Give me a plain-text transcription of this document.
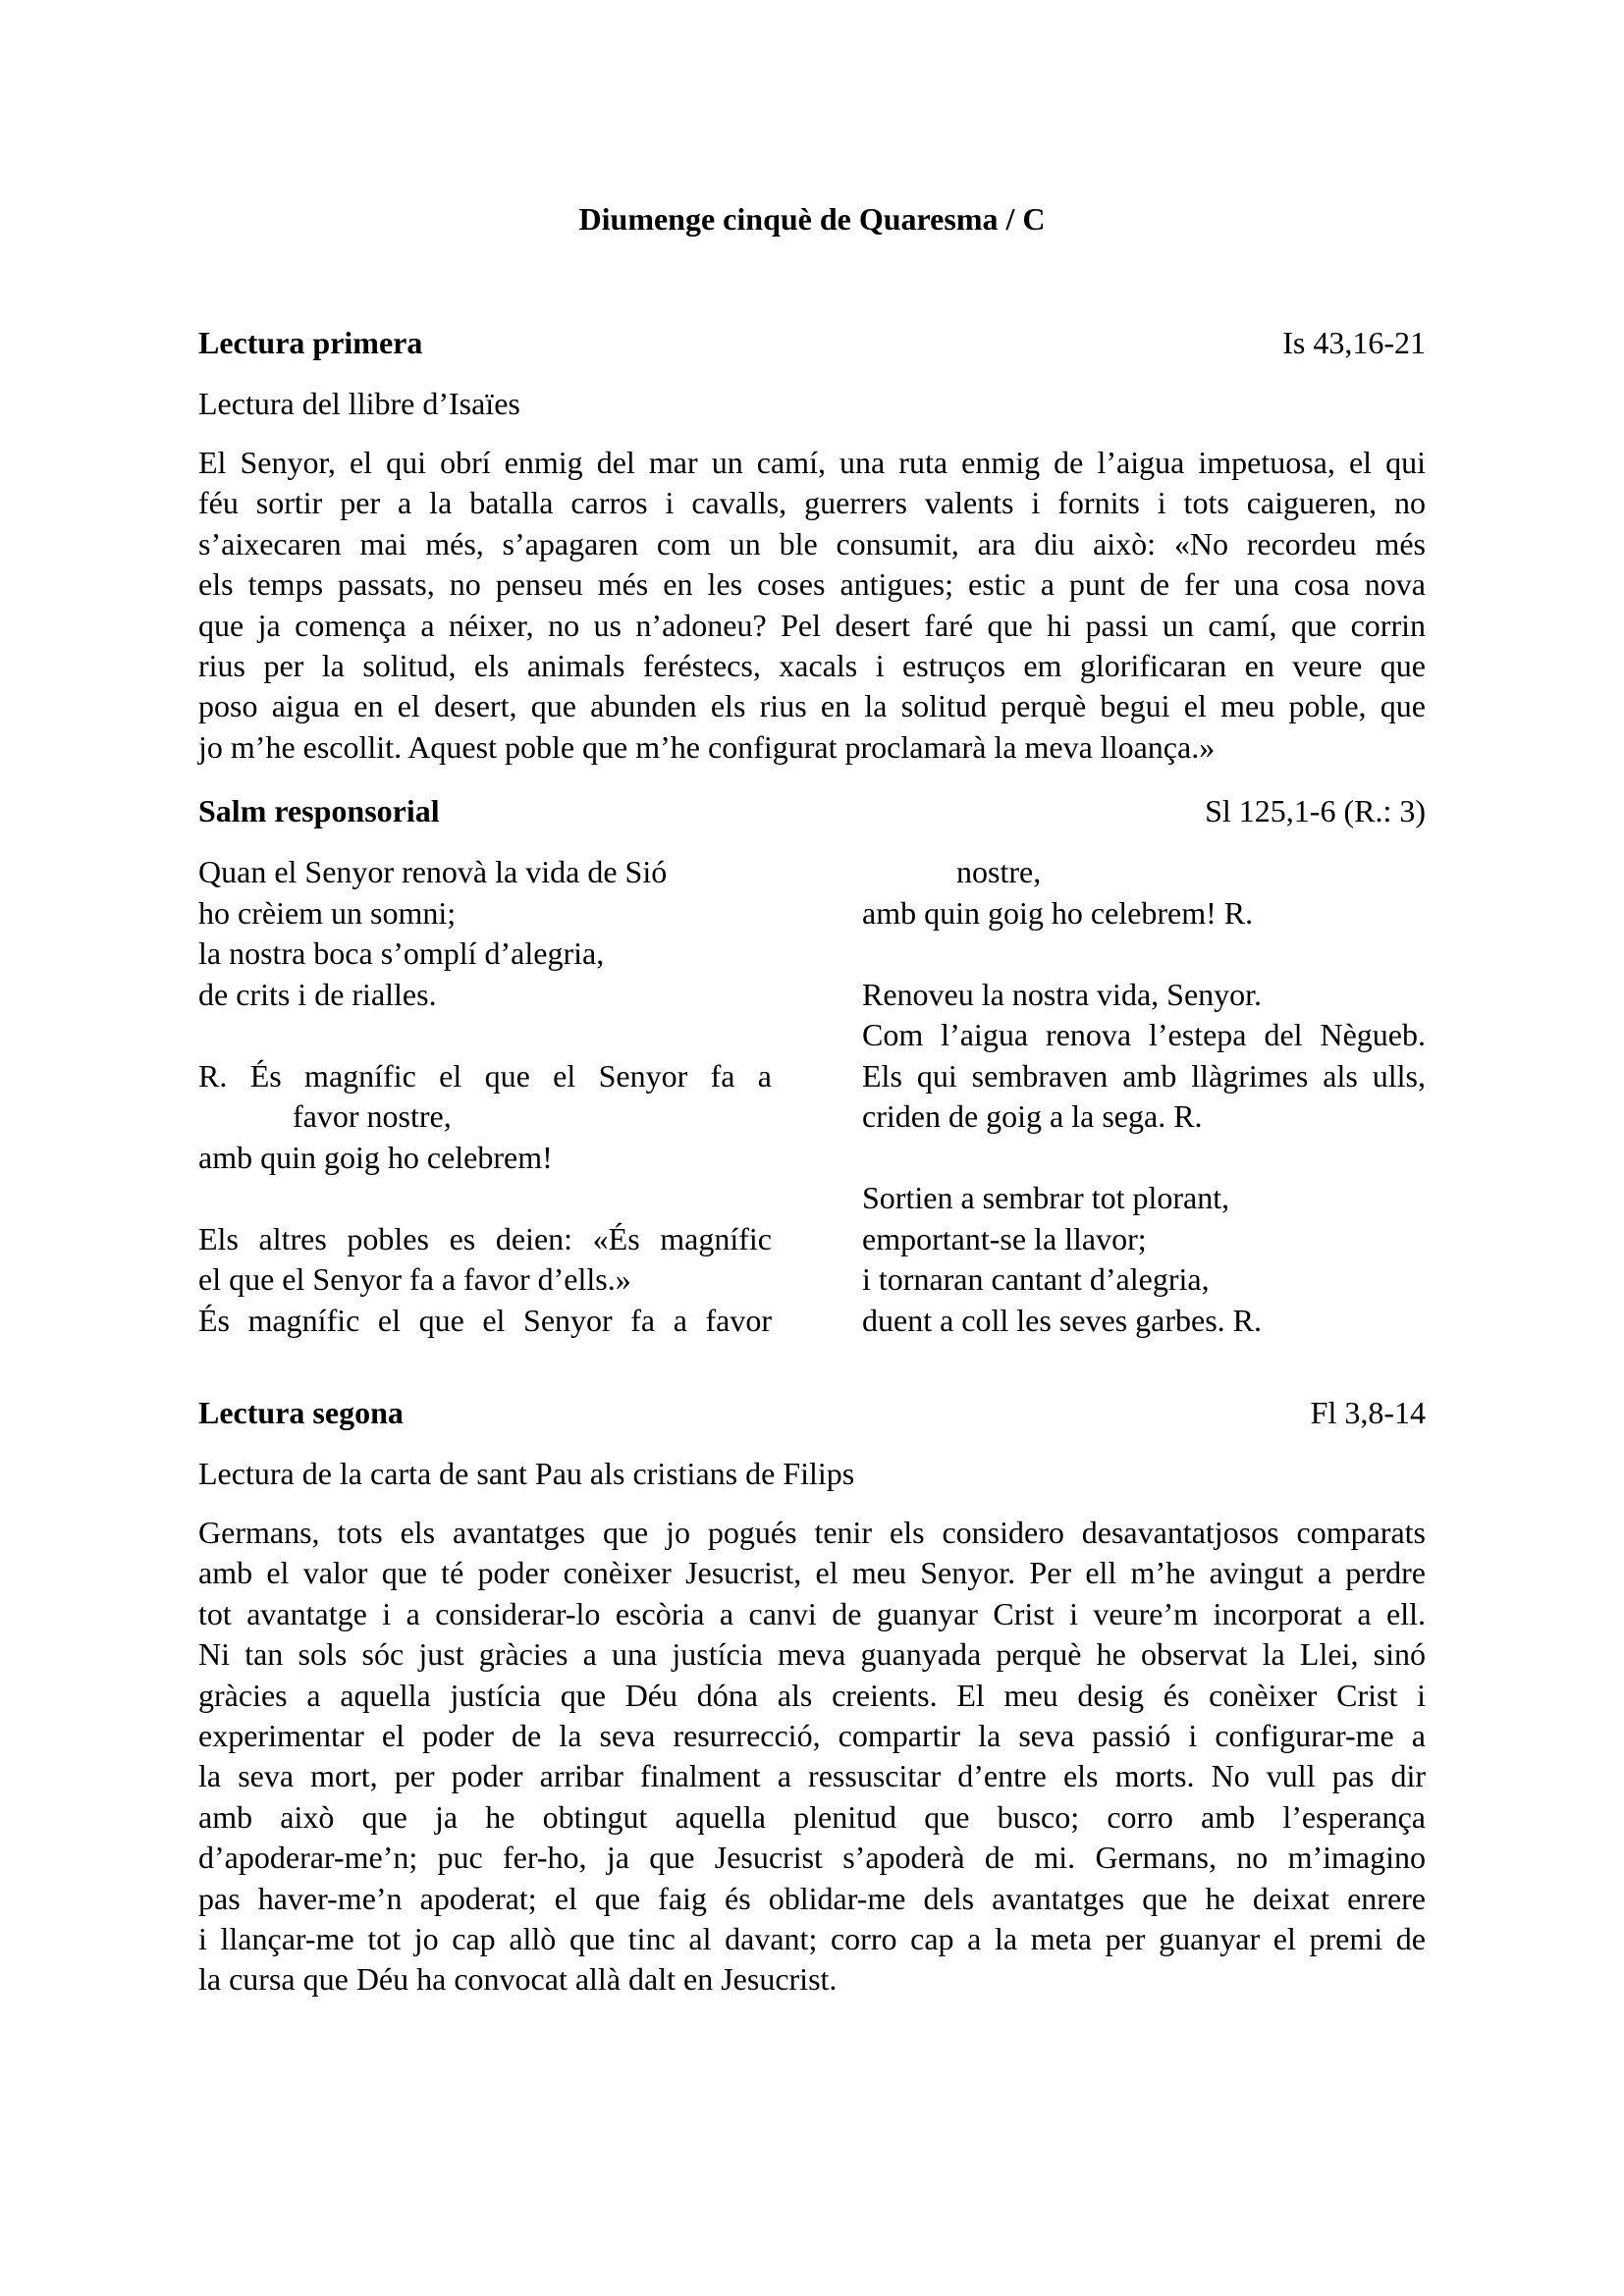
Diumenge cinquè de Quaresma / C
Lectura primera	Is 43,16-21
Lectura del llibre d’Isaïes
El Senyor, el qui obrí enmig del mar un camí, una ruta enmig de l’aigua impetuosa, el qui
féu sortir per a la batalla carros i cavalls, guerrers valents i fornits i tots caigueren, no
s’aixecaren mai més, s’apagaren com un ble consumit, ara diu això: «No recordeu més
els temps passats, no penseu més en les coses antigues; estic a punt de fer una cosa nova
que ja comença a néixer, no us n’adoneu? Pel desert faré que hi passi un camí, que corrin
rius per la solitud, els animals feréstecs, xacals i estruços em glorificaran en veure que
poso aigua en el desert, que abunden els rius en la solitud perquè begui el meu poble, que
jo m’he escollit. Aquest poble que m’he configurat proclamarà la meva lloança.»
Salm responsorial	Sl 125,1-6 (R.: 3)
Quan el Senyor renovà la vida de Sió
ho crèiem un somni;
la nostra boca s’omplí d’alegria,
de crits i de rialles.

R. És magnífic el que el Senyor fa a
favor nostre,
amb quin goig ho celebrem!

Els altres pobles es deien: «És magnífic
el que el Senyor fa a favor d’ells.»
És magnífic el que el Senyor fa a favor
nostre,
amb quin goig ho celebrem! R.

Renoveu la nostra vida, Senyor.
Com l’aigua renova l’estepa del Nègueb.
Els qui sembraven amb llàgrimes als ulls,
criden de goig a la sega. R.

Sortien a sembrar tot plorant,
emportant-se la llavor;
i tornaran cantant d’alegria,
duent a coll les seves garbes. R.
Lectura segona	Fl 3,8-14
Lectura de la carta de sant Pau als cristians de Filips
Germans, tots els avantatges que jo pogués tenir els considero desavantatjosos comparats
amb el valor que té poder conèixer Jesucrist, el meu Senyor. Per ell m’he avingut a perdre
tot avantatge i a considerar-lo escòria a canvi de guanyar Crist i veure’m incorporat a ell.
Ni tan sols sóc just gràcies a una justícia meva guanyada perquè he observat la Llei, sinó
gràcies a aquella justícia que Déu dóna als creients. El meu desig és conèixer Crist i
experimentar el poder de la seva resurrecció, compartir la seva passió i configurar-me a
la seva mort, per poder arribar finalment a ressuscitar d’entre els morts. No vull pas dir
amb això que ja he obtingut aquella plenitud que busco; corro amb l’esperança
d’apoderar-me’n; puc fer-ho, ja que Jesucrist s’apoderà de mi. Germans, no m’imagino
pas haver-me’n apoderat; el que faig és oblidar-me dels avantatges que he deixat enrere
i llançar-me tot jo cap allò que tinc al davant; corro cap a la meta per guanyar el premi de
la cursa que Déu ha convocat allà dalt en Jesucrist.
